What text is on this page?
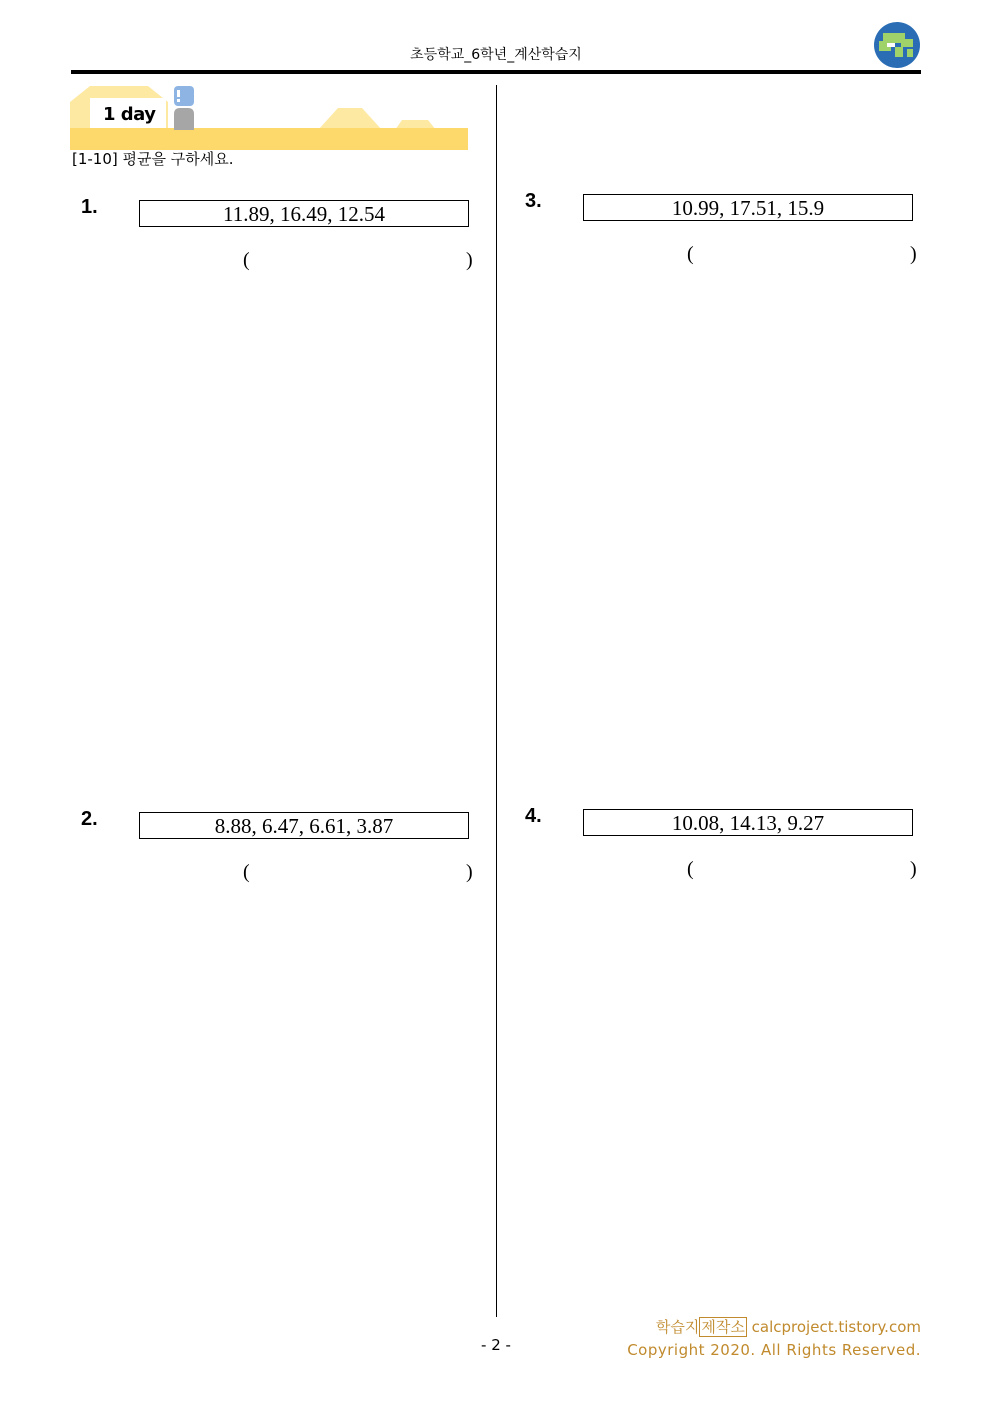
초등학교_6학년_계산학습지
1 day
[1-10] 평균을 구하세요.
1.	11.89, 16.49, 12.54
(	)
3.	10.99, 17.51, 15.9
(	)
2.	8.88, 6.47, 6.61, 3.87
(	)
4.	10.08, 14.13, 9.27
(	)
- 2 -
학습지 제작소 calcproject.tistory.com
Copyright 2020. All Rights Reserved.
